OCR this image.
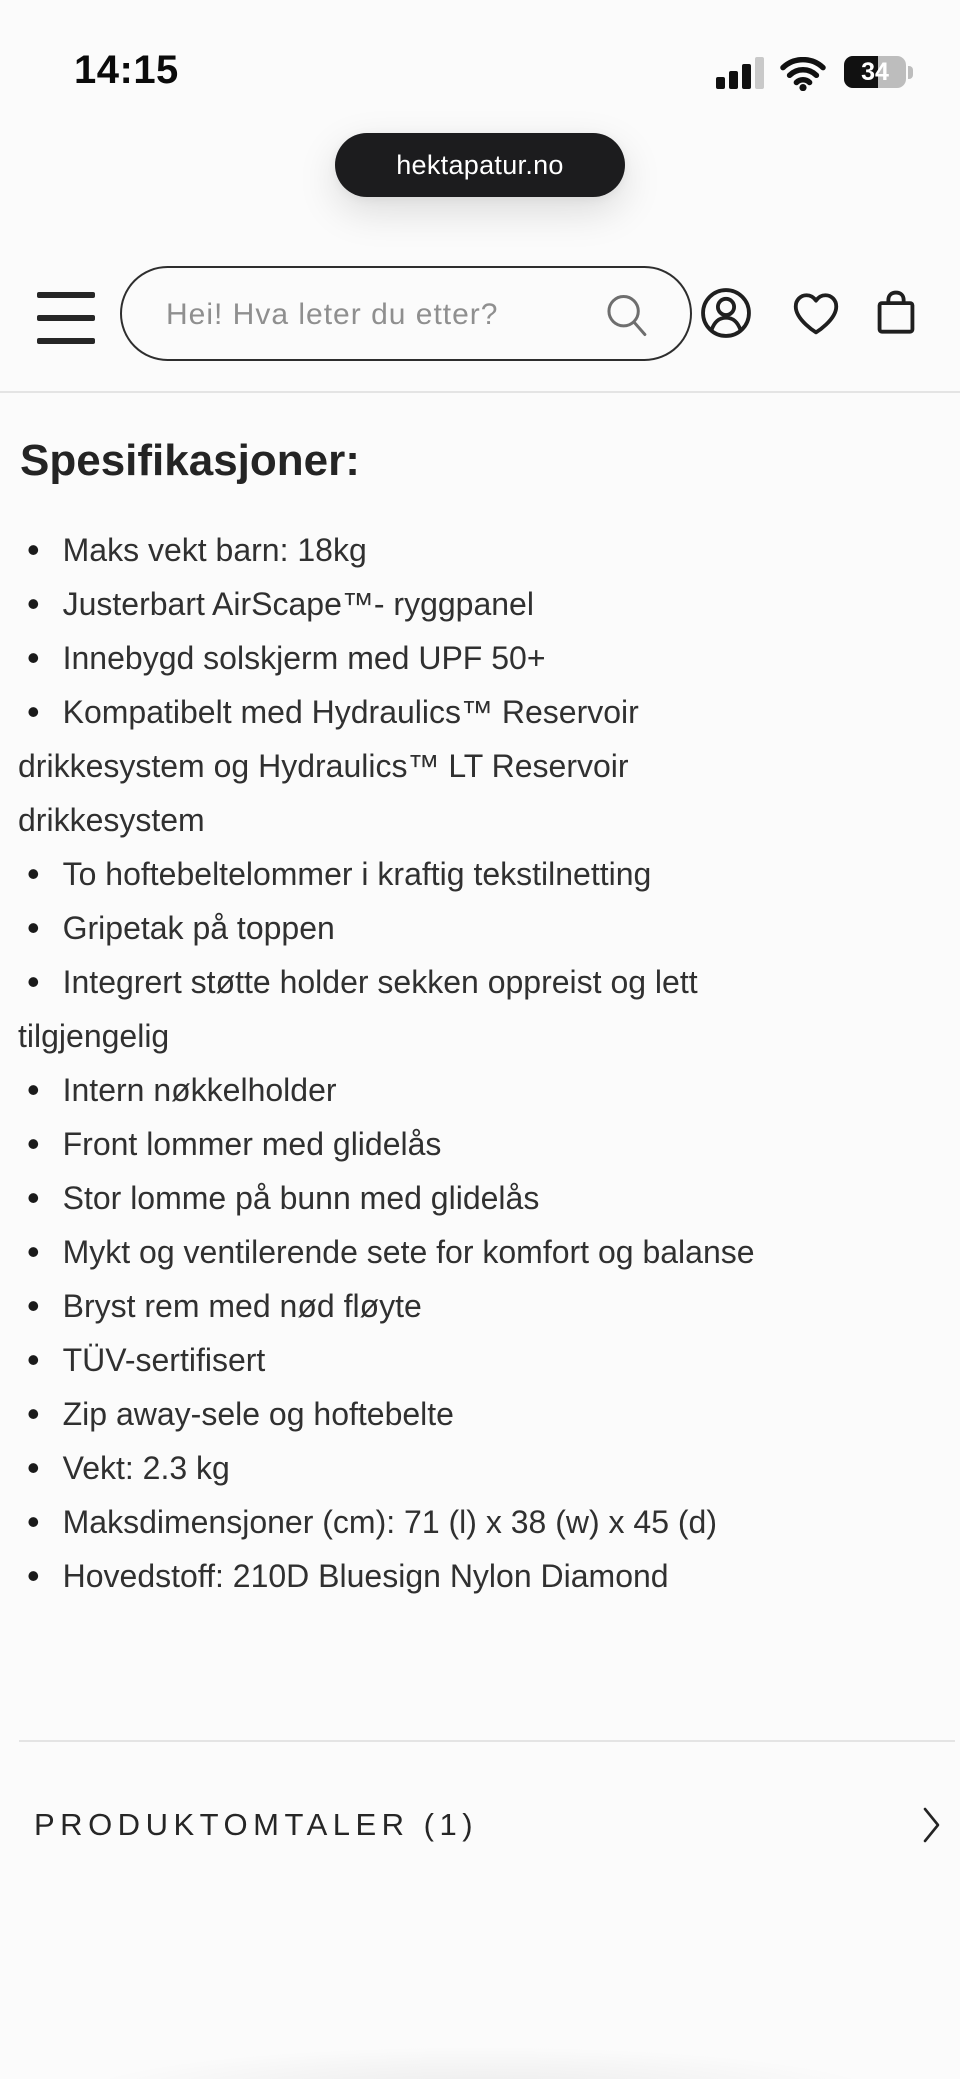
14:15	34
hektapatur.no
Hei! Hva leter du etter?
Spesifikasjoner:
• Maks vekt barn: 18kg
• Justerbart AirScape™- ryggpanel
• Innebygd solskjerm med UPF 50+
• Kompatibelt med Hydraulics™ Reservoir drikkesystem og Hydraulics™ LT Reservoir drikkesystem
• To hoftebeltelommer i kraftig tekstilnetting
• Gripetak på toppen
• Integrert støtte holder sekken oppreist og lett tilgjengelig
• Intern nøkkelholder
• Front lommer med glidelås
• Stor lomme på bunn med glidelås
• Mykt og ventilerende sete for komfort og balanse
• Bryst rem med nød fløyte
• TÜV-sertifisert
• Zip away-sele og hoftebelte
• Vekt: 2.3 kg
• Maksdimensjoner (cm): 71 (l) x 38 (w) x 45 (d)
• Hovedstoff: 210D Bluesign Nylon Diamond
PRODUKTOMTALER (1)
